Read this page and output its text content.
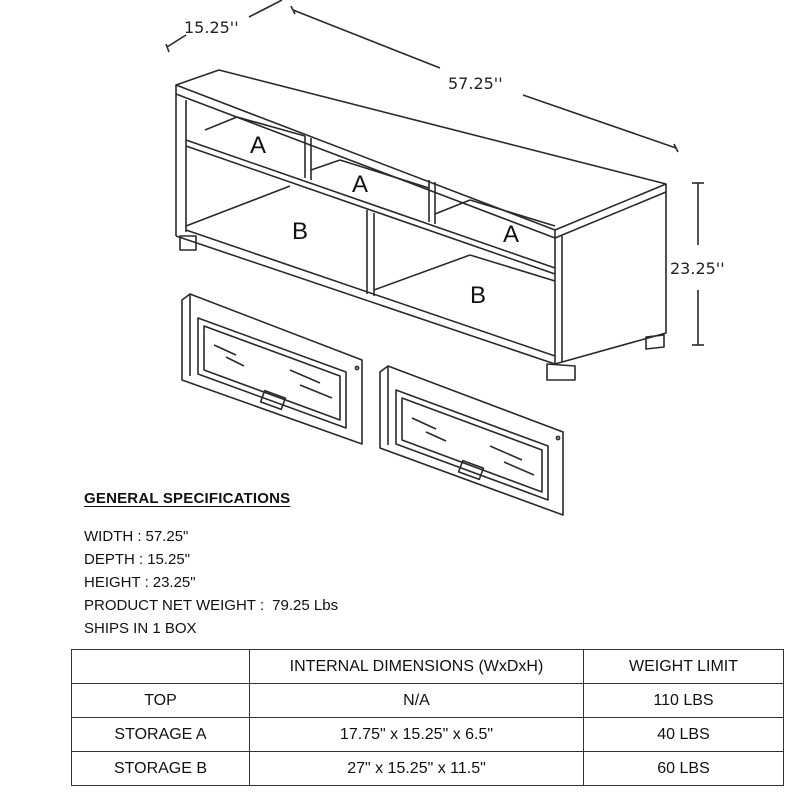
15.25''
57.25''
23.25''
A
A
A
B
B
GENERAL SPECIFICATIONS
WIDTH : 57.25"
DEPTH : 15.25"
HEIGHT : 23.25"
PRODUCT NET WEIGHT : 79.25 Lbs
SHIPS IN 1 BOX
	INTERNAL DIMENSIONS (WxDxH)	WEIGHT LIMIT
TOP	N/A	110 LBS
STORAGE A	17.75" x 15.25" x 6.5"	40 LBS
STORAGE B	27" x 15.25" x 11.5"	60 LBS
